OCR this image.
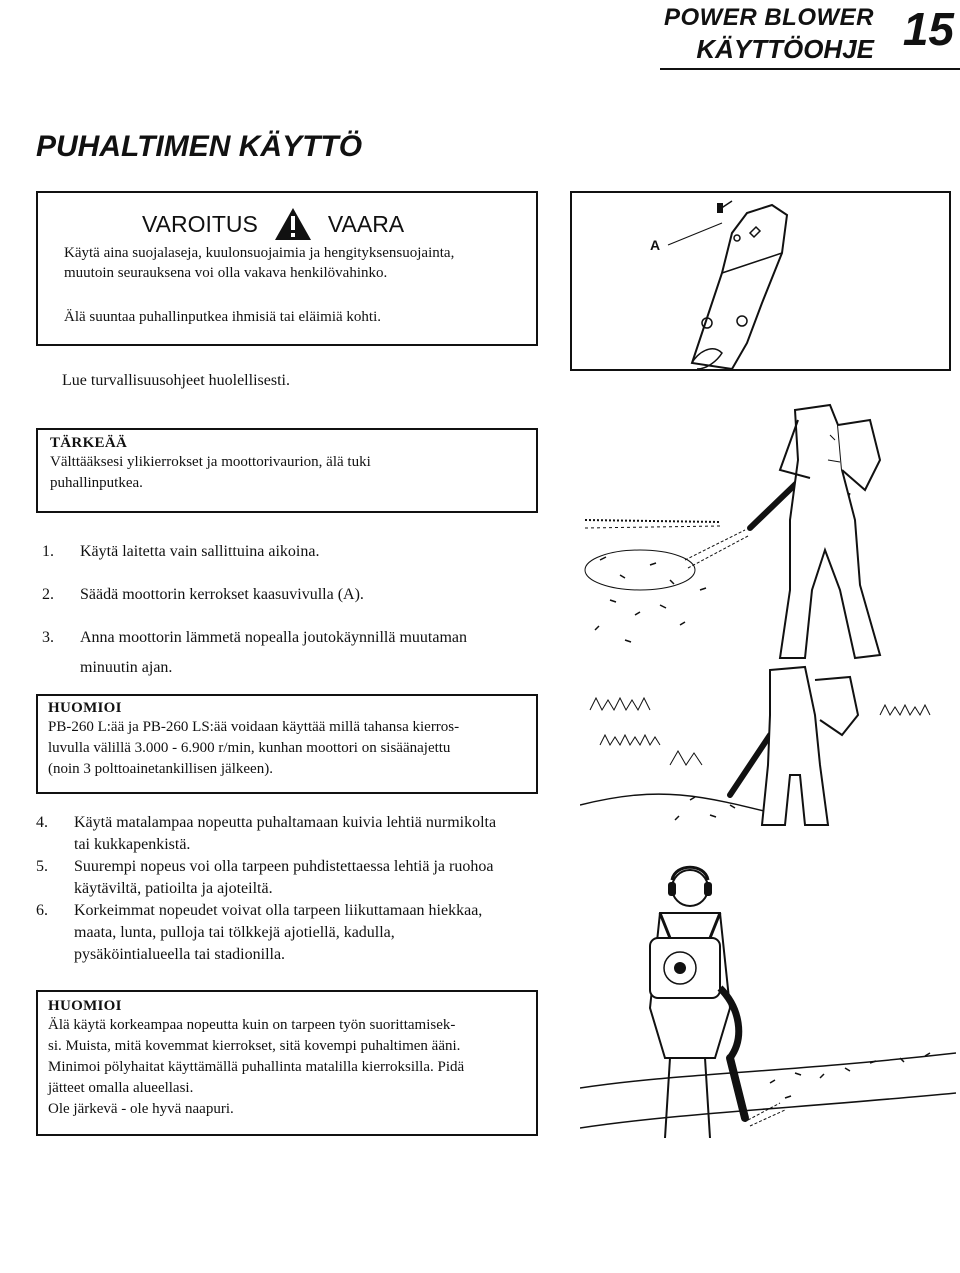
POWER BLOWER
KÄYTTÖOHJE 15
PUHALTIMEN KÄYTTÖ
VAROITUS	VAARA
Käytä aina suojalaseja, kuulonsuojaimia ja hengityksensuojainta,
muutoin seurauksena voi olla vakava henkilövahinko.
Älä suuntaa puhallinputkea ihmisiä tai eläimiä kohti.
Lue turvallisuusohjeet huolellisesti.
TÄRKEÄÄ
Välttääksesi ylikierrokset ja moottorivaurion, älä tuki
puhallinputkea.
1. Käytä laitetta vain sallittuina aikoina.
2. Säädä moottorin kerrokset kaasuvivulla (A).
3. Anna moottorin lämmetä nopealla joutokäynnillä muutaman
minuutin ajan.
HUOMIOI
PB-260 L:ää ja PB-260 LS:ää voidaan käyttää millä tahansa kierros-
luvulla välillä 3.000 - 6.900 r/min, kunhan moottori on sisäänajettu
(noin 3 polttoainetankillisen jälkeen).
4. Käytä matalampaa nopeutta puhaltamaan kuivia lehtiä nurmikolta
tai kukkapenkistä.
5. Suurempi nopeus voi olla tarpeen puhdistettaessa lehtiä ja ruohoa
käytäviltä, patioilta ja ajoteiltä.
6. Korkeimmat nopeudet voivat olla tarpeen liikuttamaan hiekkaa,
maata, lunta, pulloja tai tölkkejä ajotiellä, kadulla,
pysäköintialueella tai stadionilla.
HUOMIOI
Älä käytä korkeampaa nopeutta kuin on tarpeen työn suorittamisek-
si. Muista, mitä kovemmat kierrokset, sitä kovempi puhaltimen ääni.
Minimoi pölyhaitat käyttämällä puhallinta matalilla kierroksilla. Pidä
jätteet omalla alueellasi.
Ole järkevä - ole hyvä naapuri.
A
